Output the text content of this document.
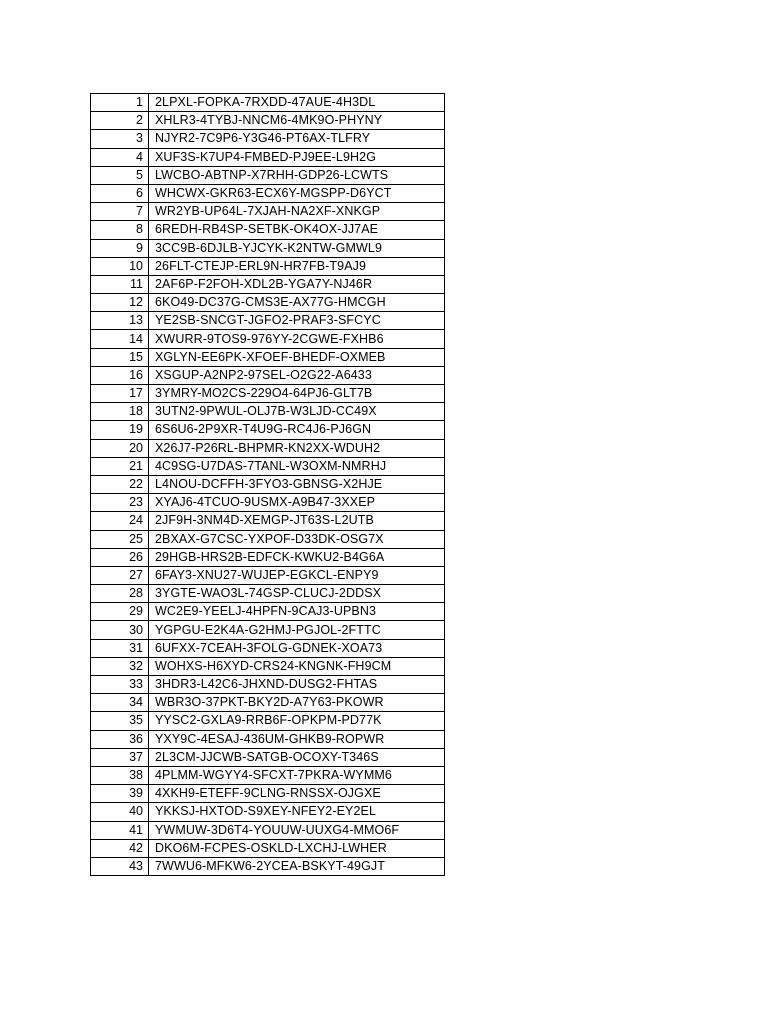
1	2LPXL-FOPKA-7RXDD-47AUE-4H3DL
2	XHLR3-4TYBJ-NNCM6-4MK9O-PHYNY
3	NJYR2-7C9P6-Y3G46-PT6AX-TLFRY
4	XUF3S-K7UP4-FMBED-PJ9EE-L9H2G
5	LWCBO-ABTNP-X7RHH-GDP26-LCWTS
6	WHCWX-GKR63-ECX6Y-MGSPP-D6YCT
7	WR2YB-UP64L-7XJAH-NA2XF-XNKGP
8	6REDH-RB4SP-SETBK-OK4OX-JJ7AE
9	3CC9B-6DJLB-YJCYK-K2NTW-GMWL9
10	26FLT-CTEJP-ERL9N-HR7FB-T9AJ9
11	2AF6P-F2FOH-XDL2B-YGA7Y-NJ46R
12	6KO49-DC37G-CMS3E-AX77G-HMCGH
13	YE2SB-SNCGT-JGFO2-PRAF3-SFCYC
14	XWURR-9TOS9-976YY-2CGWE-FXHB6
15	XGLYN-EE6PK-XFOEF-BHEDF-OXMEB
16	XSGUP-A2NP2-97SEL-O2G22-A6433
17	3YMRY-MO2CS-229O4-64PJ6-GLT7B
18	3UTN2-9PWUL-OLJ7B-W3LJD-CC49X
19	6S6U6-2P9XR-T4U9G-RC4J6-PJ6GN
20	X26J7-P26RL-BHPMR-KN2XX-WDUH2
21	4C9SG-U7DAS-7TANL-W3OXM-NMRHJ
22	L4NOU-DCFFH-3FYO3-GBNSG-X2HJE
23	XYAJ6-4TCUO-9USMX-A9B47-3XXEP
24	2JF9H-3NM4D-XEMGP-JT63S-L2UTB
25	2BXAX-G7CSC-YXPOF-D33DK-OSG7X
26	29HGB-HRS2B-EDFCK-KWKU2-B4G6A
27	6FAY3-XNU27-WUJEP-EGKCL-ENPY9
28	3YGTE-WAO3L-74GSP-CLUCJ-2DDSX
29	WC2E9-YEELJ-4HPFN-9CAJ3-UPBN3
30	YGPGU-E2K4A-G2HMJ-PGJOL-2FTTC
31	6UFXX-7CEAH-3FOLG-GDNEK-XOA73
32	WOHXS-H6XYD-CRS24-KNGNK-FH9CM
33	3HDR3-L42C6-JHXND-DUSG2-FHTAS
34	WBR3O-37PKT-BKY2D-A7Y63-PKOWR
35	YYSC2-GXLA9-RRB6F-OPKPM-PD77K
36	YXY9C-4ESAJ-436UM-GHKB9-ROPWR
37	2L3CM-JJCWB-SATGB-OCOXY-T346S
38	4PLMM-WGYY4-SFCXT-7PKRA-WYMM6
39	4XKH9-ETEFF-9CLNG-RNSSX-OJGXE
40	YKKSJ-HXTOD-S9XEY-NFEY2-EY2EL
41	YWMUW-3D6T4-YOUUW-UUXG4-MMO6F
42	DKO6M-FCPES-OSKLD-LXCHJ-LWHER
43	7WWU6-MFKW6-2YCEA-BSKYT-49GJT
